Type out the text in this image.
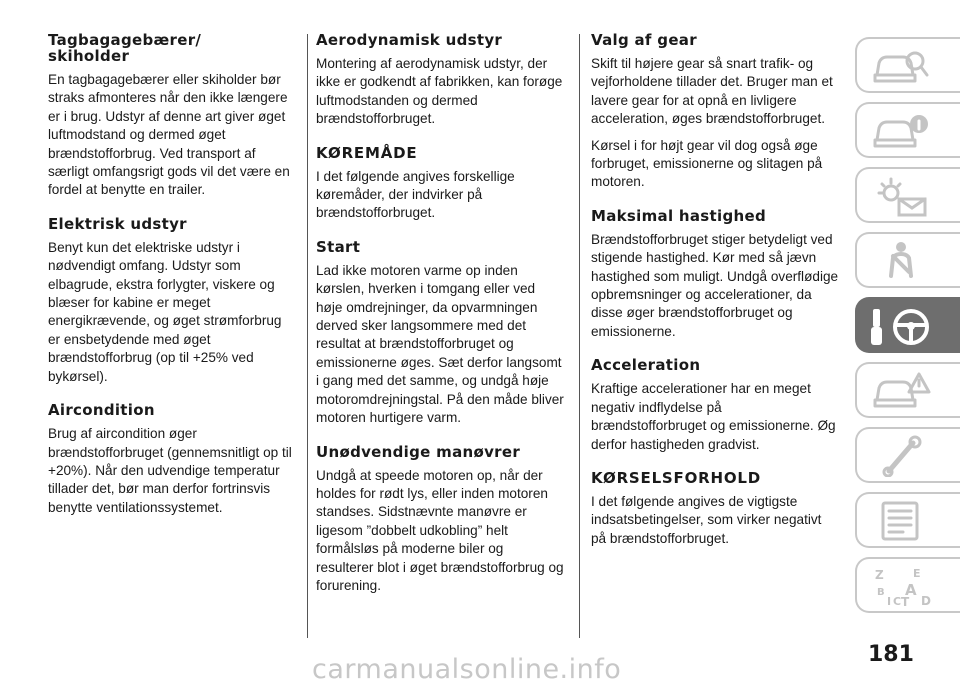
Tagbagagebærer/
skiholder

En tagbagagebærer eller skiholder bør straks afmonteres når den ikke længere er i brug. Udstyr af denne art giver øget luftmodstand og dermed øget brændstofforbrug. Ved transport af særligt omfangsrigt gods vil det være en fordel at benytte en trailer.

Elektrisk udstyr

Benyt kun det elektriske udstyr i nødvendigt omfang. Udstyr som elbagrude, ekstra forlygter, viskere og blæser for kabine er meget energikrævende, og øget strømforbrug er ensbetydende med øget brændstofforbrug (op til +25% ved bykørsel).

Aircondition

Brug af aircondition øger brændstofforbruget (gennemsnitligt op til +20%). Når den udvendige temperatur tillader det, bør man derfor fortrinsvis benytte ventilationssystemet.

Aerodynamisk udstyr

Montering af aerodynamisk udstyr, der ikke er godkendt af fabrikken, kan forøge luftmodstanden og dermed brændstofforbruget.

KØREMÅDE

I det følgende angives forskellige køremåder, der indvirker på brændstofforbruget.

Start

Lad ikke motoren varme op inden kørslen, hverken i tomgang eller ved høje omdrejninger, da opvarmningen derved sker langsommere med det resultat at brændstofforbruget og emissionerne øges. Sæt derfor langsomt i gang med det samme, og undgå høje motoromdrejningstal. På den måde bliver motoren hurtigere varm.

Unødvendige manøvrer

Undgå at speede motoren op, når der holdes for rødt lys, eller inden motoren standses. Sidstnævnte manøvre er ligesom ”dobbelt udkobling” helt formålsløs på moderne biler og resulterer blot i øget brændstofforbrug og forurening.

Valg af gear

Skift til højere gear så snart trafik- og vejforholdene tillader det. Bruger man et lavere gear for at opnå en livligere acceleration, øges brændstofforbruget.

Kørsel i for højt gear vil dog også øge forbruget, emissionerne og slitagen på motoren.

Maksimal hastighed

Brændstofforbruget stiger betydeligt ved stigende hastighed. Kør med så jævn hastighed som muligt. Undgå overflødige opbremsninger og accelerationer, da disse øger brændstofforbruget og emissionerne.

Acceleration

Kraftige accelerationer har en meget negativ indflydelse på brændstofforbruget og emissionerne. Øg derfor hastigheden gradvist.

KØRSELSFORHOLD

I det følgende angives de vigtigste indsatsbetingelser, som virker negativt på brændstofforbruget.

Z	E
B A
I C T D
181
carmanualsonline.info
